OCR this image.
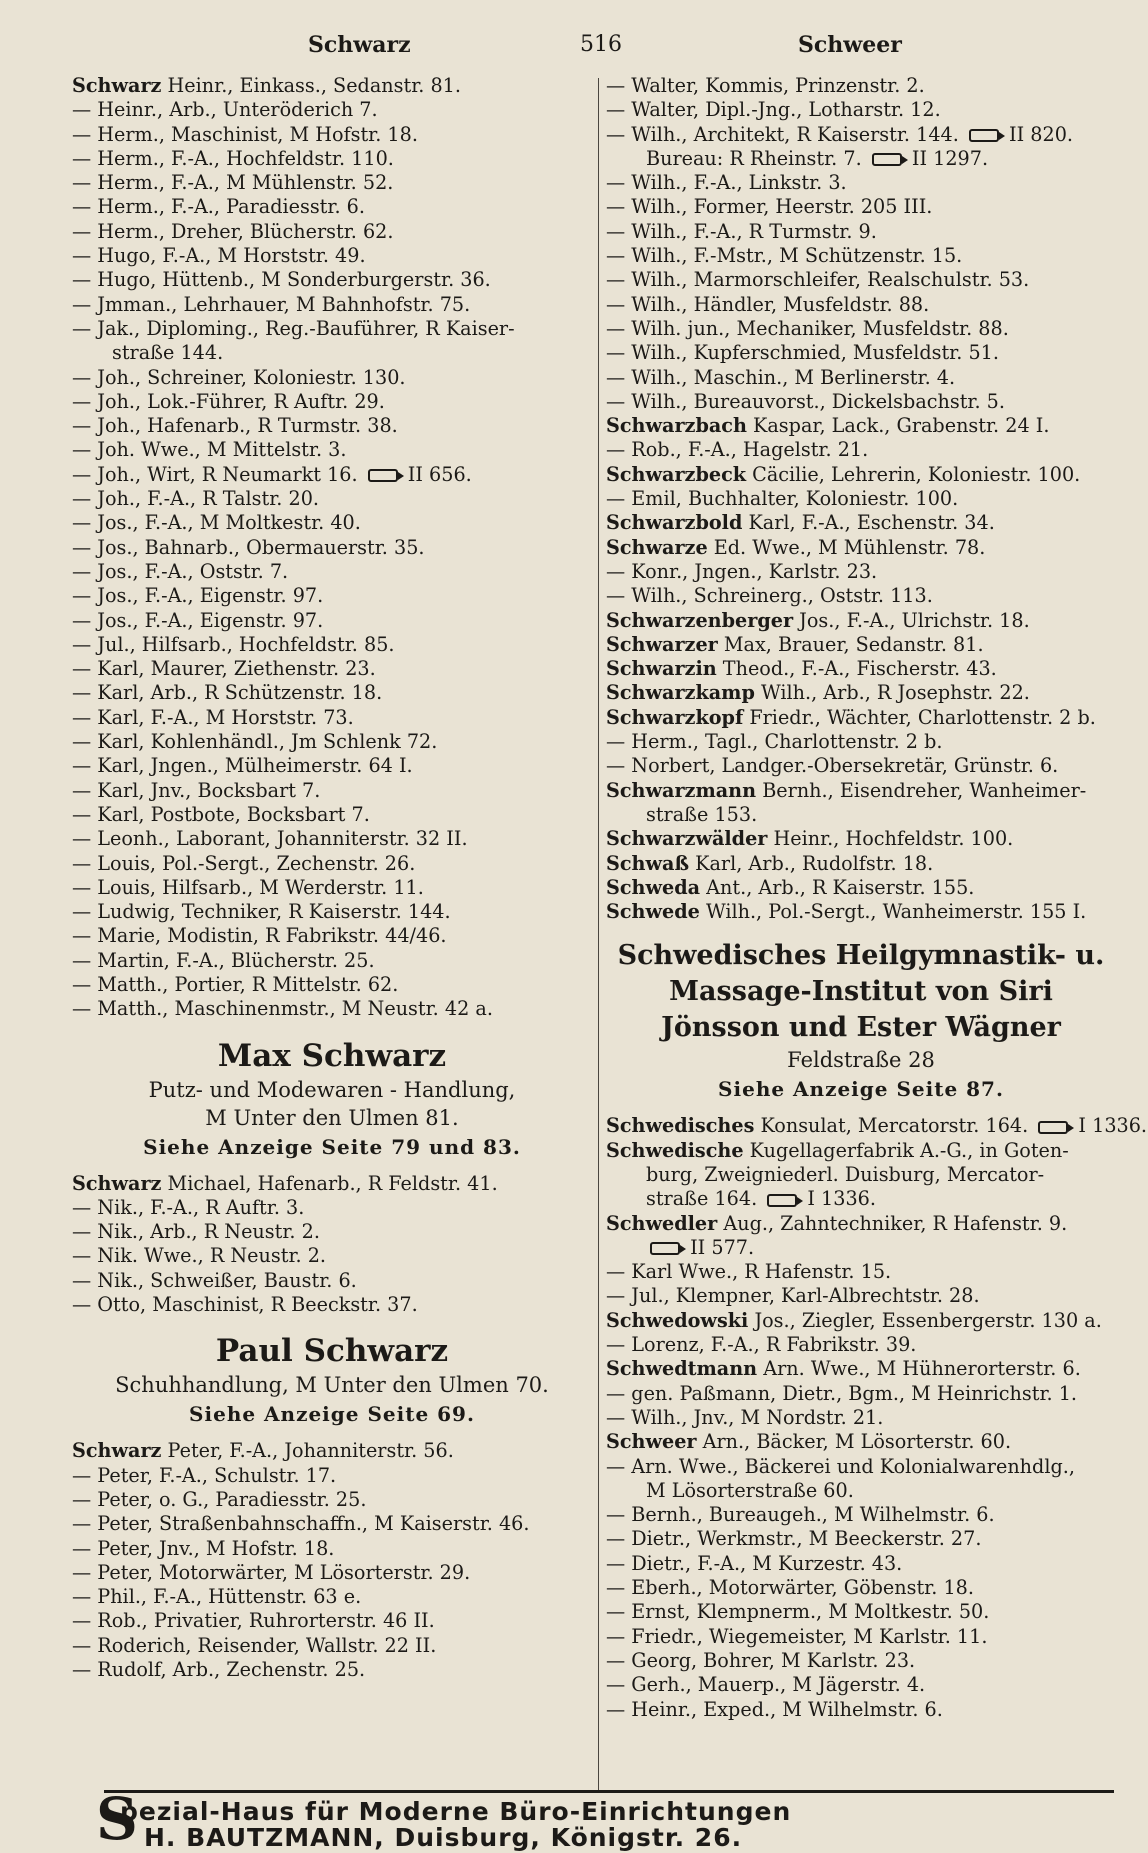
Schwarz	516	Schweer
Schwarz Heinr., Einkass., Sedanstr. 81.
— Heinr., Arb., Unteröderich 7.
— Herm., Maschinist, M Hofstr. 18.
— Herm., F.-A., Hochfeldstr. 110.
— Herm., F.-A., M Mühlenstr. 52.
— Herm., F.-A., Paradiesstr. 6.
— Herm., Dreher, Blücherstr. 62.
— Hugo, F.-A., M Horststr. 49.
— Hugo, Hüttenb., M Sonderburgerstr. 36.
— Jmman., Lehrhauer, M Bahnhofstr. 75.
— Jak., Diploming., Reg.-Bauführer, R Kaiser-
straße 144.
— Joh., Schreiner, Koloniestr. 130.
— Joh., Lok.-Führer, R Auftr. 29.
— Joh., Hafenarb., R Turmstr. 38.
— Joh. Wwe., M Mittelstr. 3.
— Joh., Wirt, R Neumarkt 16.  II 656.
— Joh., F.-A., R Talstr. 20.
— Jos., F.-A., M Moltkestr. 40.
— Jos., Bahnarb., Obermauerstr. 35.
— Jos., F.-A., Oststr. 7.
— Jos., F.-A., Eigenstr. 97.
— Jos., F.-A., Eigenstr. 97.
— Jul., Hilfsarb., Hochfeldstr. 85.
— Karl, Maurer, Ziethenstr. 23.
— Karl, Arb., R Schützenstr. 18.
— Karl, F.-A., M Horststr. 73.
— Karl, Kohlenhändl., Jm Schlenk 72.
— Karl, Jngen., Mülheimerstr. 64 I.
— Karl, Jnv., Bocksbart 7.
— Karl, Postbote, Bocksbart 7.
— Leonh., Laborant, Johanniterstr. 32 II.
— Louis, Pol.-Sergt., Zechenstr. 26.
— Louis, Hilfsarb., M Werderstr. 11.
— Ludwig, Techniker, R Kaiserstr. 144.
— Marie, Modistin, R Fabrikstr. 44/46.
— Martin, F.-A., Blücherstr. 25.
— Matth., Portier, R Mittelstr. 62.
— Matth., Maschinenmstr., M Neustr. 42 a.
Max Schwarz
Putz- und Modewaren - Handlung,
M Unter den Ulmen 81.
Siehe Anzeige Seite 79 und 83.
Schwarz Michael, Hafenarb., R Feldstr. 41.
— Nik., F.-A., R Auftr. 3.
— Nik., Arb., R Neustr. 2.
— Nik. Wwe., R Neustr. 2.
— Nik., Schweißer, Baustr. 6.
— Otto, Maschinist, R Beeckstr. 37.
Paul Schwarz
Schuhhandlung, M Unter den Ulmen 70.
Siehe Anzeige Seite 69.
Schwarz Peter, F.-A., Johanniterstr. 56.
— Peter, F.-A., Schulstr. 17.
— Peter, o. G., Paradiesstr. 25.
— Peter, Straßenbahnschaffn., M Kaiserstr. 46.
— Peter, Jnv., M Hofstr. 18.
— Peter, Motorwärter, M Lösorterstr. 29.
— Phil., F.-A., Hüttenstr. 63 e.
— Rob., Privatier, Ruhrorterstr. 46 II.
— Roderich, Reisender, Wallstr. 22 II.
— Rudolf, Arb., Zechenstr. 25.
— Walter, Kommis, Prinzenstr. 2.
— Walter, Dipl.-Jng., Lotharstr. 12.
— Wilh., Architekt, R Kaiserstr. 144.  II 820.
Bureau: R Rheinstr. 7.  II 1297.
— Wilh., F.-A., Linkstr. 3.
— Wilh., Former, Heerstr. 205 III.
— Wilh., F.-A., R Turmstr. 9.
— Wilh., F.-Mstr., M Schützenstr. 15.
— Wilh., Marmorschleifer, Realschulstr. 53.
— Wilh., Händler, Musfeldstr. 88.
— Wilh. jun., Mechaniker, Musfeldstr. 88.
— Wilh., Kupferschmied, Musfeldstr. 51.
— Wilh., Maschin., M Berlinerstr. 4.
— Wilh., Bureauvorst., Dickelsbachstr. 5.
Schwarzbach Kaspar, Lack., Grabenstr. 24 I.
— Rob., F.-A., Hagelstr. 21.
Schwarzbeck Cäcilie, Lehrerin, Koloniestr. 100.
— Emil, Buchhalter, Koloniestr. 100.
Schwarzbold Karl, F.-A., Eschenstr. 34.
Schwarze Ed. Wwe., M Mühlenstr. 78.
— Konr., Jngen., Karlstr. 23.
— Wilh., Schreinerg., Oststr. 113.
Schwarzenberger Jos., F.-A., Ulrichstr. 18.
Schwarzer Max, Brauer, Sedanstr. 81.
Schwarzin Theod., F.-A., Fischerstr. 43.
Schwarzkamp Wilh., Arb., R Josephstr. 22.
Schwarzkopf Friedr., Wächter, Charlottenstr. 2 b.
— Herm., Tagl., Charlottenstr. 2 b.
— Norbert, Landger.-Obersekretär, Grünstr. 6.
Schwarzmann Bernh., Eisendreher, Wanheimer-
straße 153.
Schwarzwälder Heinr., Hochfeldstr. 100.
Schwaß Karl, Arb., Rudolfstr. 18.
Schweda Ant., Arb., R Kaiserstr. 155.
Schwede Wilh., Pol.-Sergt., Wanheimerstr. 155 I.
Schwedisches Heilgymnastik- u.
Massage-Institut von Siri
Jönsson und Ester Wägner
Feldstraße 28
Siehe Anzeige Seite 87.
Schwedisches Konsulat, Mercatorstr. 164.  I 1336.
Schwedische Kugellagerfabrik A.-G., in Goten-
burg, Zweigniederl. Duisburg, Mercator-
straße 164.  I 1336.
Schwedler Aug., Zahntechniker, R Hafenstr. 9.
II 577.
— Karl Wwe., R Hafenstr. 15.
— Jul., Klempner, Karl-Albrechtstr. 28.
Schwedowski Jos., Ziegler, Essenbergerstr. 130 a.
— Lorenz, F.-A., R Fabrikstr. 39.
Schwedtmann Arn. Wwe., M Hühnerorterstr. 6.
— gen. Paßmann, Dietr., Bgm., M Heinrichstr. 1.
— Wilh., Jnv., M Nordstr. 21.
Schweer Arn., Bäcker, M Lösorterstr. 60.
— Arn. Wwe., Bäckerei und Kolonialwarenhdlg.,
M Lösorterstraße 60.
— Bernh., Bureaugeh., M Wilhelmstr. 6.
— Dietr., Werkmstr., M Beeckerstr. 27.
— Dietr., F.-A., M Kurzestr. 43.
— Eberh., Motorwärter, Göbenstr. 18.
— Ernst, Klempnerm., M Moltkestr. 50.
— Friedr., Wiegemeister, M Karlstr. 11.
— Georg, Bohrer, M Karlstr. 23.
— Gerh., Mauerp., M Jägerstr. 4.
— Heinr., Exped., M Wilhelmstr. 6.
S
pezial-Haus für Moderne Büro-Einrichtungen
H. BAUTZMANN, Duisburg, Königstr. 26.
